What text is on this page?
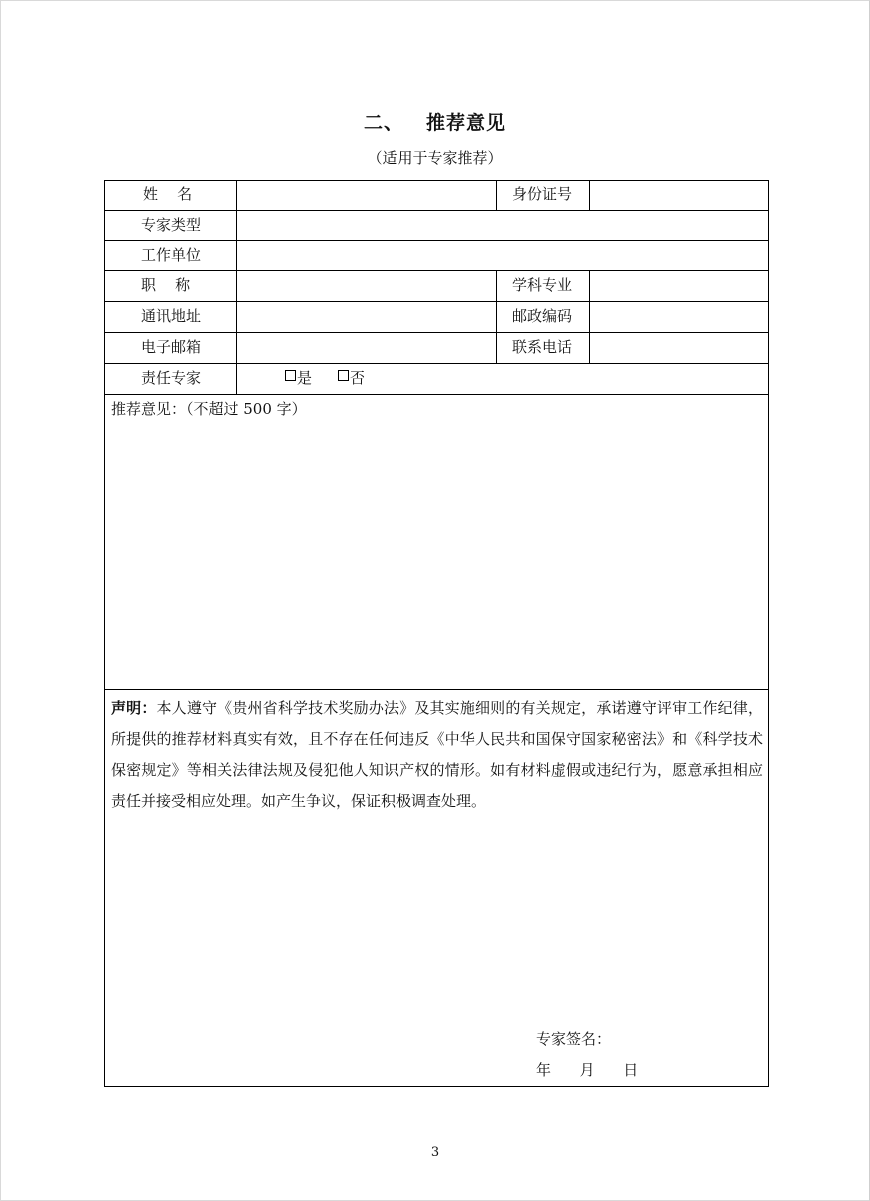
二、 推荐意见
（适用于专家推荐）
姓    名	身份证号
专家类型
工作单位
职    称	学科专业
通讯地址	邮政编码
电子邮箱	联系电话
责任专家	是	否
推荐意见：（不超过 500 字）
声明：本人遵守《贵州省科学技术奖励办法》及其实施细则的有关规定，承诺遵守评审工作纪律，所提供的推荐材料真实有效，且不存在任何违反《中华人民共和国保守国家秘密法》和《科学技术保密规定》等相关法律法规及侵犯他人知识产权的情形。如有材料虚假或违纪行为，愿意承担相应责任并接受相应处理。如产生争议，保证积极调查处理。
专家签名：
年      月      日
3
